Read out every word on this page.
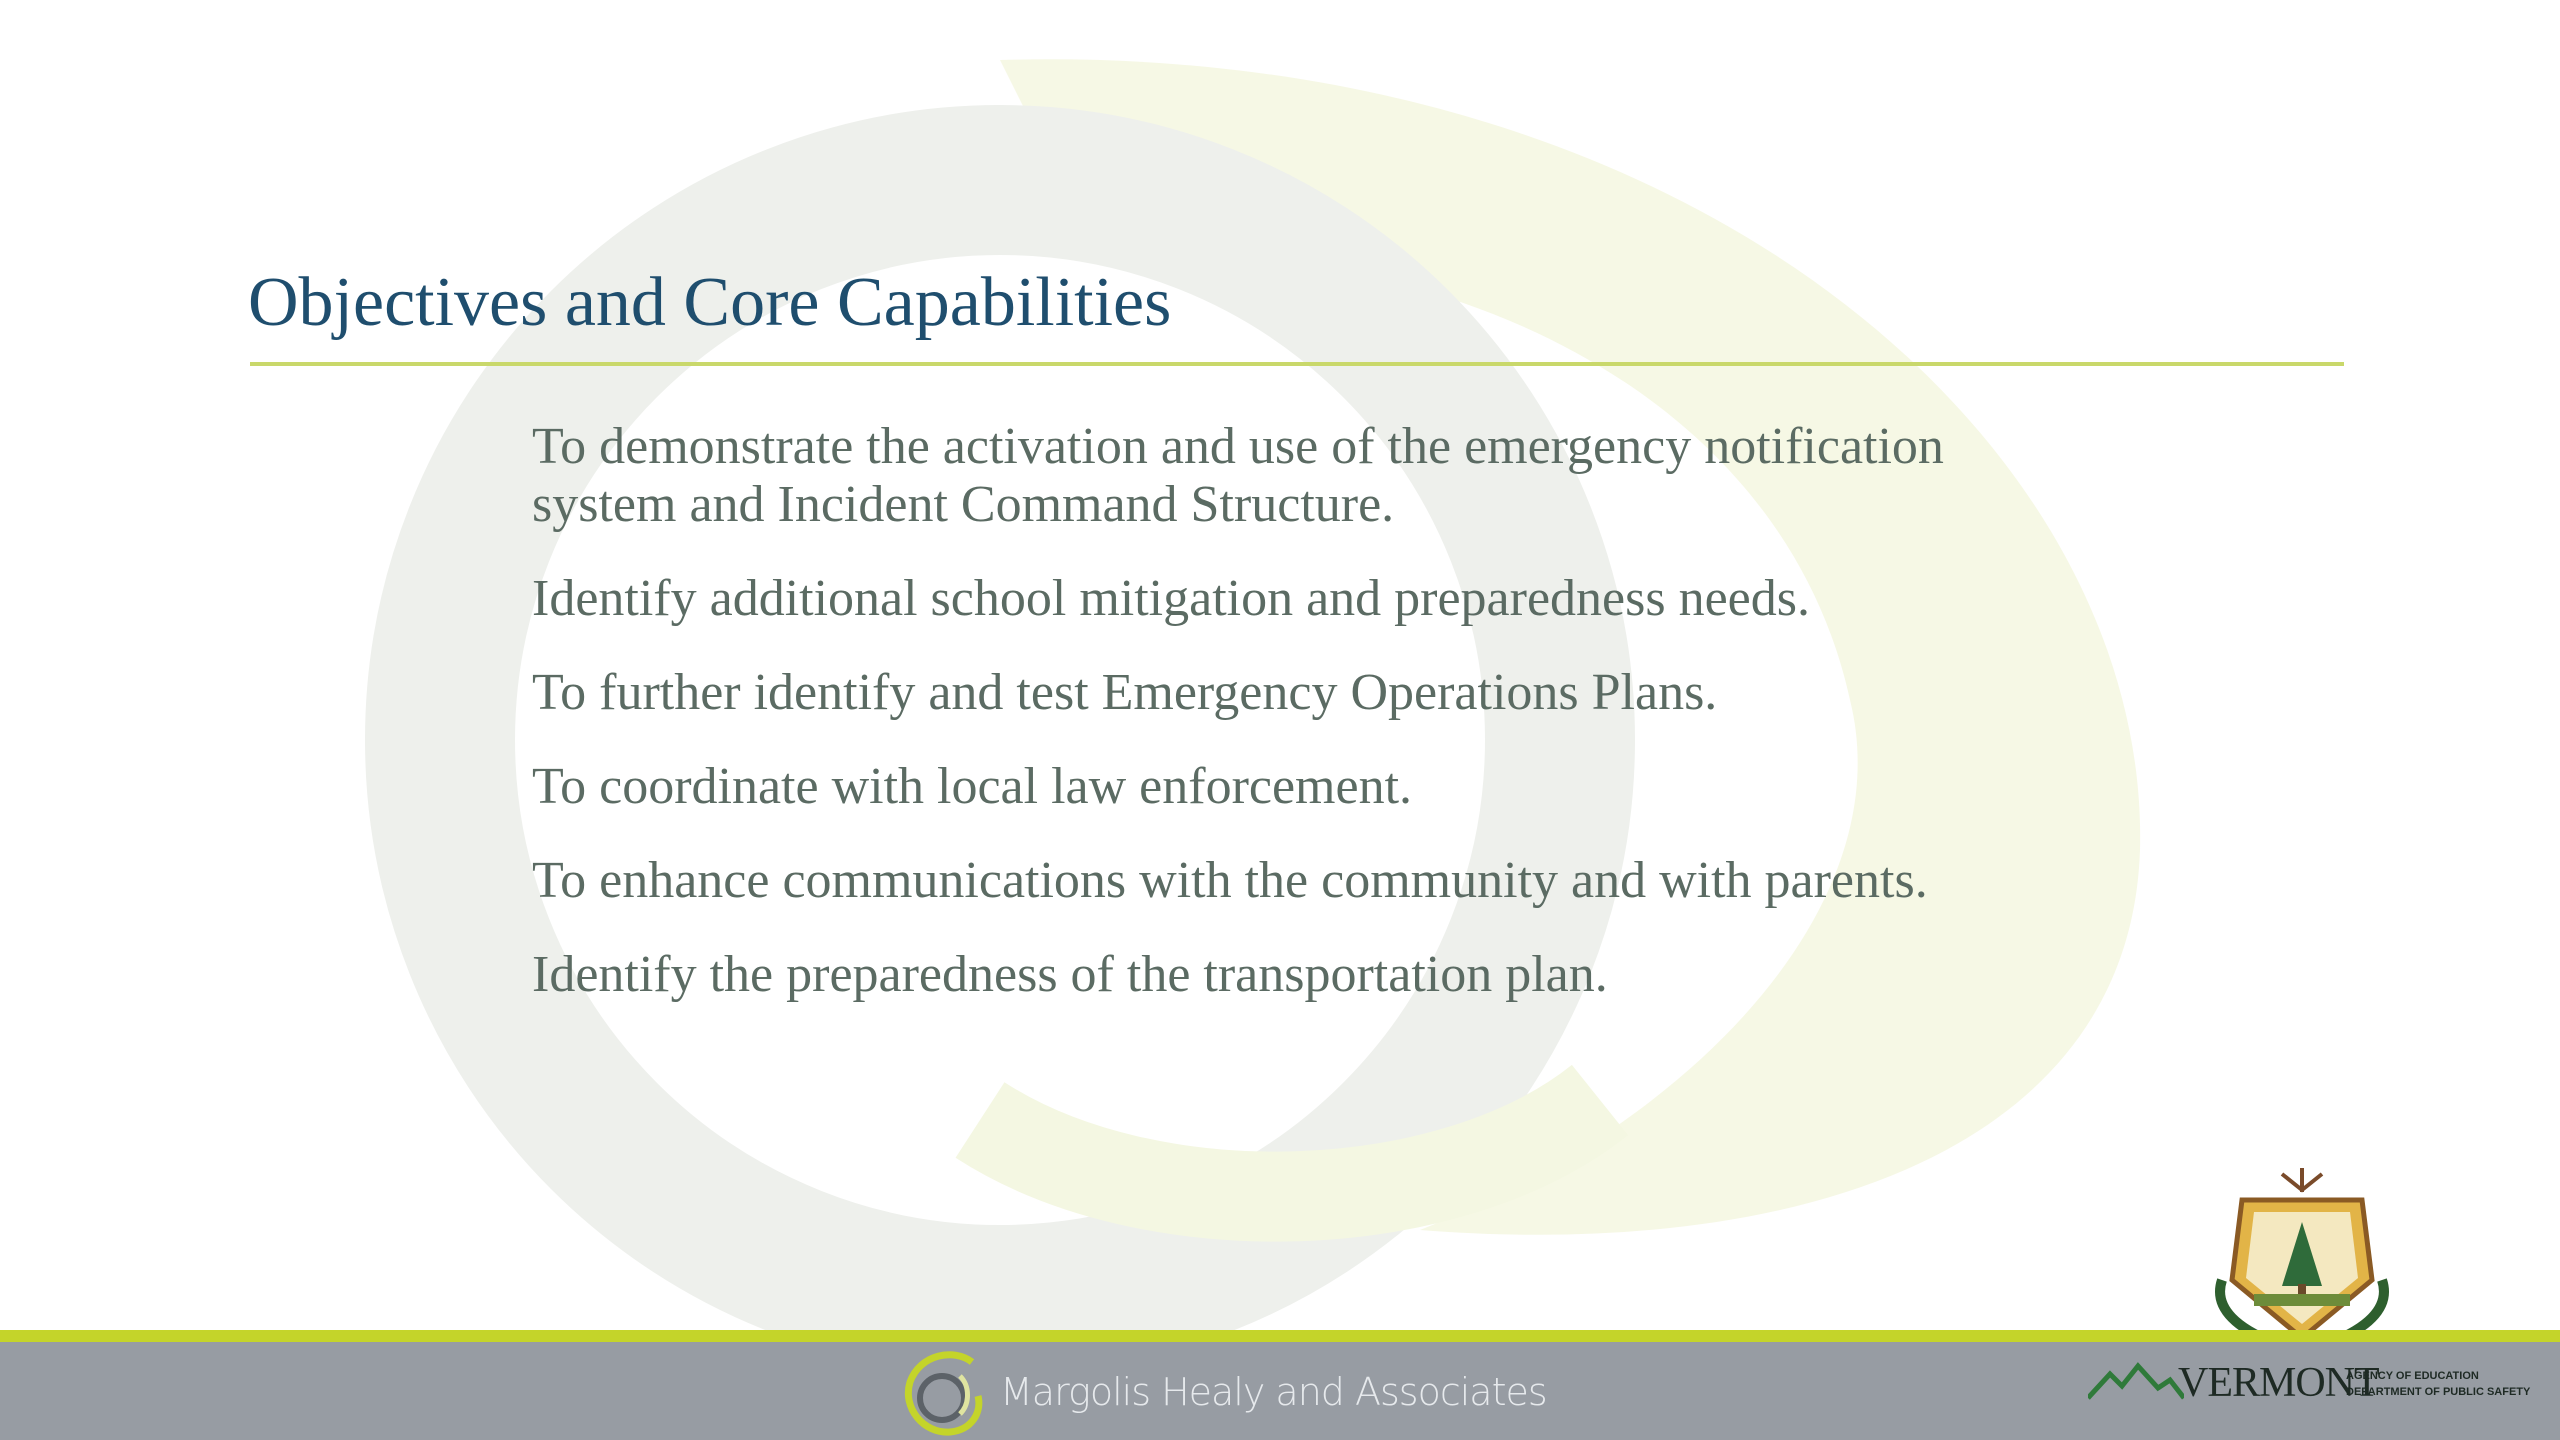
Objectives and Core Capabilities
To demonstrate the activation and use of the emergency notification system and Incident Command Structure.
Identify additional school mitigation and preparedness needs.
To further identify and test Emergency Operations Plans.
To coordinate with local law enforcement.
To enhance communications with the community and with parents.
Identify the preparedness of the transportation plan.
Margolis Healy and Associates	VERMONT
AGENCY OF EDUCATION
DEPARTMENT OF PUBLIC SAFETY
